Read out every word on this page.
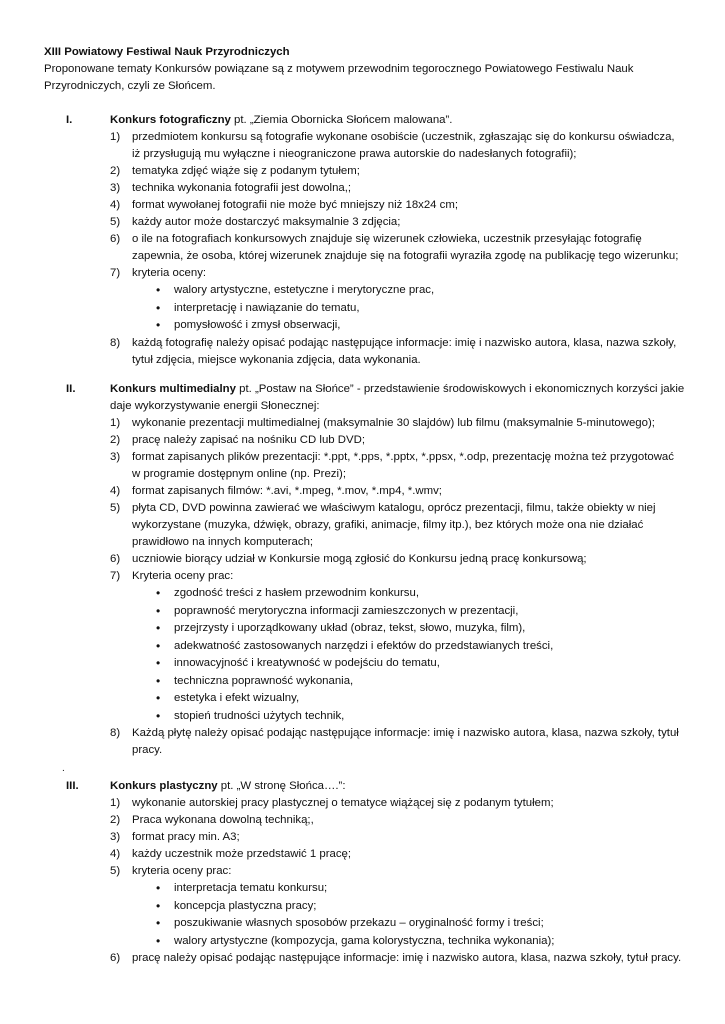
XIII Powiatowy Festiwal Nauk Przyrodniczych
Proponowane tematy Konkursów powiązane są z motywem przewodnim tegorocznego Powiatowego Festiwalu Nauk Przyrodniczych, czyli ze Słońcem.
I.	Konkurs fotograficzny pt. „Ziemia Obornicka Słońcem malowana”.
1)	przedmiotem konkursu są fotografie wykonane osobiście (uczestnik, zgłaszając się do konkursu oświadcza, iż przysługują mu wyłączne i nieograniczone prawa autorskie do nadesłanych fotografii);
2)	tematyka zdjęć wiąże się z podanym tytułem;
3)	technika wykonania fotografii jest dowolna,;
4)	format wywołanej fotografii nie może być mniejszy niż 18x24 cm;
5)	każdy autor może dostarczyć maksymalnie 3 zdjęcia;
6)	o ile na fotografiach konkursowych znajduje się wizerunek człowieka, uczestnik przesyłając fotografię zapewnia, że osoba, której wizerunek znajduje się na fotografii wyraziła zgodę na publikację tego wizerunku;
7)	kryteria oceny:
• walory artystyczne, estetyczne i merytoryczne prac,
• interpretację i nawiązanie do tematu,
• pomysłowość i zmysł obserwacji,
8)	każdą fotografię należy opisać podając następujące informacje: imię i nazwisko autora, klasa, nazwa szkoły, tytuł zdjęcia, miejsce wykonania zdjęcia, data wykonania.
II.	Konkurs multimedialny pt. „Postaw na Słońce” - przedstawienie środowiskowych i ekonomicznych korzyści jakie daje wykorzystywanie energii Słonecznej:
1)	wykonanie prezentacji multimedialnej (maksymalnie 30 slajdów) lub filmu (maksymalnie 5-minutowego);
2)	pracę należy zapisać na nośniku CD lub DVD;
3)	format zapisanych plików prezentacji: *.ppt, *.pps, *.pptx, *.ppsx, *.odp, prezentację można też przygotować w programie dostępnym online (np. Prezi);
4)	format zapisanych filmów: *.avi, *.mpeg, *.mov, *.mp4, *.wmv;
5)	płyta CD, DVD powinna zawierać we właściwym katalogu, oprócz prezentacji, filmu, także obiekty w niej wykorzystane (muzyka, dźwięk, obrazy, grafiki, animacje, filmy itp.), bez których może ona nie działać prawidłowo na innych komputerach;
6)	uczniowie biorący udział w Konkursie mogą zgłosić do Konkursu jedną pracę konkursową;
7)	Kryteria oceny prac:
• zgodność treści z hasłem przewodnim konkursu,
• poprawność merytoryczna informacji zamieszczonych w prezentacji,
• przejrzysty i uporządkowany układ (obraz, tekst, słowo, muzyka, film),
• adekwatność zastosowanych narzędzi i efektów do przedstawianych treści,
• innowacyjność i kreatywność w podejściu do tematu,
• techniczna poprawność wykonania,
• estetyka i efekt wizualny,
• stopień trudności użytych technik,
8)	Każdą płytę należy opisać podając następujące informacje: imię i nazwisko autora, klasa, nazwa szkoły, tytuł pracy.
.
III.	Konkurs plastyczny pt. „W stronę Słońca….”:
1)	wykonanie autorskiej pracy plastycznej o tematyce wiążącej się z podanym tytułem;
2)	Praca wykonana dowolną techniką;,
3)	format pracy min. A3;
4)	każdy uczestnik może przedstawić 1 pracę;
5)	kryteria oceny prac:
• interpretacja tematu konkursu;
• koncepcja plastyczna pracy;
• poszukiwanie własnych sposobów przekazu – oryginalność formy i treści;
• walory artystyczne (kompozycja, gama kolorystyczna, technika wykonania);
6)	pracę należy opisać podając następujące informacje: imię i nazwisko autora, klasa, nazwa szkoły, tytuł pracy.
